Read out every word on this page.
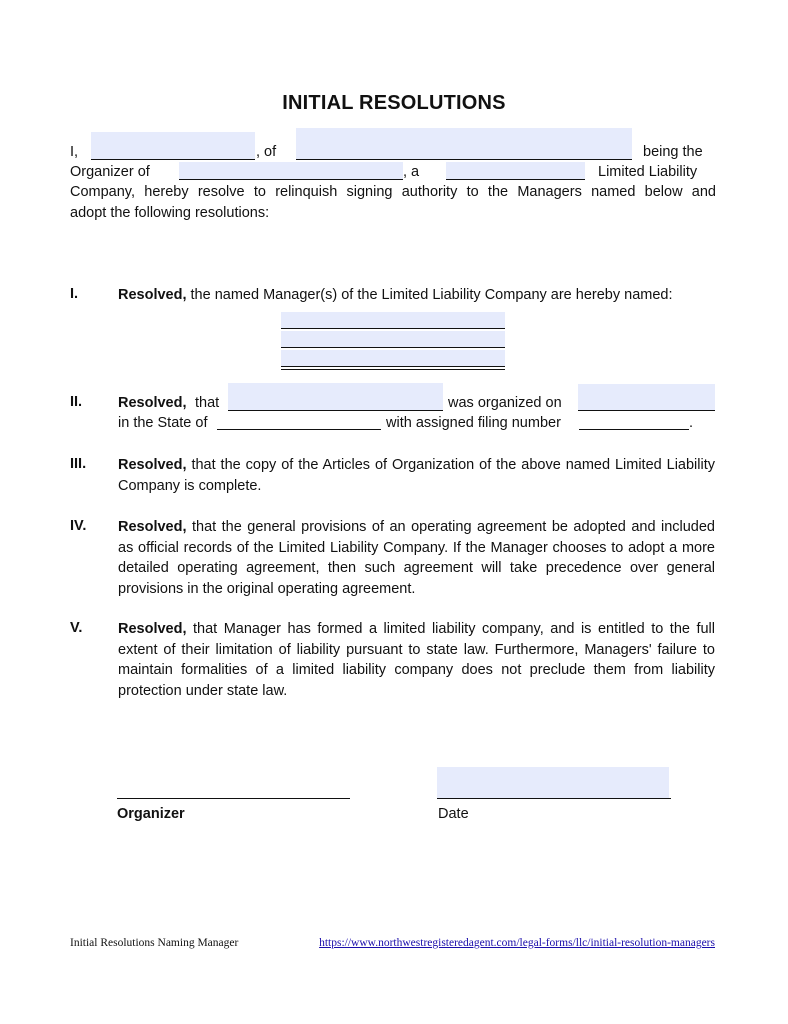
INITIAL RESOLUTIONS
I,	, of	being the
Organizer of	, a	Limited Liability
Company, hereby resolve to relinquish signing authority to the Managers named below and
adopt the following resolutions:
I.	Resolved, the named Manager(s) of the Limited Liability Company are hereby named:
II. Resolved, that	was organized on
in the State of	with assigned filing number	.
III. Resolved, that the copy of the Articles of Organization of the above named Limited Liability Company is complete.
IV. Resolved, that the general provisions of an operating agreement be adopted and included as official records of the Limited Liability Company. If the Manager chooses to adopt a more detailed operating agreement, then such agreement will take precedence over general provisions in the original operating agreement.
V. Resolved, that Manager has formed a limited liability company, and is entitled to the full extent of their limitation of liability pursuant to state law. Furthermore, Managers' failure to maintain formalities of a limited liability company does not preclude them from liability protection under state law.
Organizer	Date
Initial Resolutions Naming Manager	https://www.northwestregisteredagent.com/legal-forms/llc/initial-resolution-managers
